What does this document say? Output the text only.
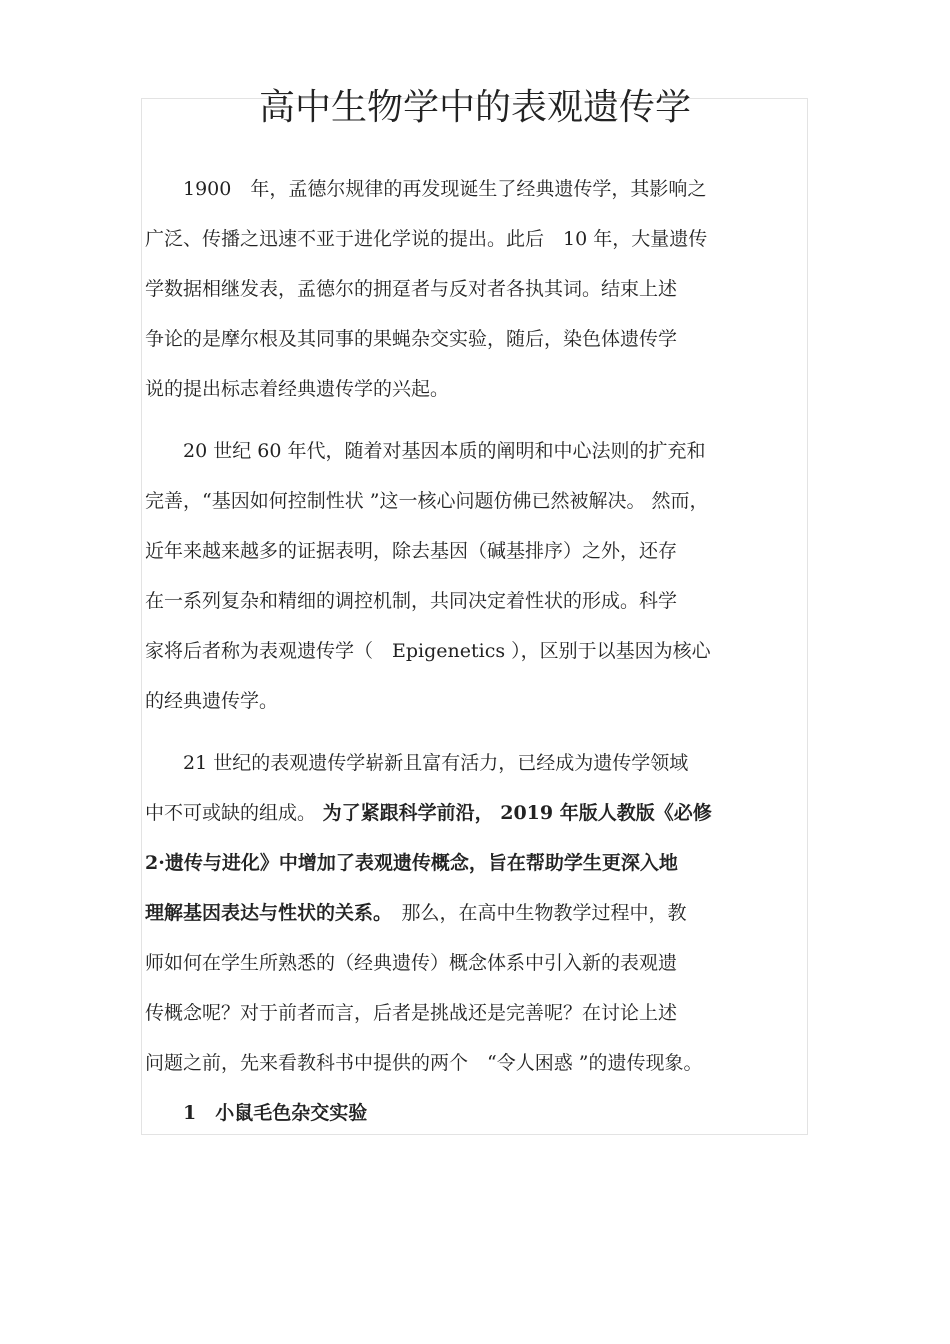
高中生物学中的表观遗传学
1900　年，孟德尔规律的再发现诞生了经典遗传学，其影响之
广泛、传播之迅速不亚于进化学说的提出。此后　10 年，大量遗传
学数据相继发表，孟德尔的拥趸者与反对者各执其词。结束上述
争论的是摩尔根及其同事的果蝇杂交实验，随后，染色体遗传学
说的提出标志着经典遗传学的兴起。
20 世纪 60 年代，随着对基因本质的阐明和中心法则的扩充和
完善，“基因如何控制性状 ”这一核心问题仿佛已然被解决。 然而，
近年来越来越多的证据表明，除去基因（碱基排序）之外，还存
在一系列复杂和精细的调控机制，共同决定着性状的形成。科学
家将后者称为表观遗传学（　Epigenetics ），区别于以基因为核心
的经典遗传学。
21 世纪的表观遗传学崭新且富有活力，已经成为遗传学领域
中不可或缺的组成。 为了紧跟科学前沿， 2019 年版人教版《必修
2·遗传与进化》中增加了表观遗传概念，旨在帮助学生更深入地
理解基因表达与性状的关系。　那么，在高中生物教学过程中，教
师如何在学生所熟悉的（经典遗传）概念体系中引入新的表观遗
传概念呢？对于前者而言，后者是挑战还是完善呢？在讨论上述
问题之前，先来看教科书中提供的两个　“令人困惑 ”的遗传现象。
1　小鼠毛色杂交实验
